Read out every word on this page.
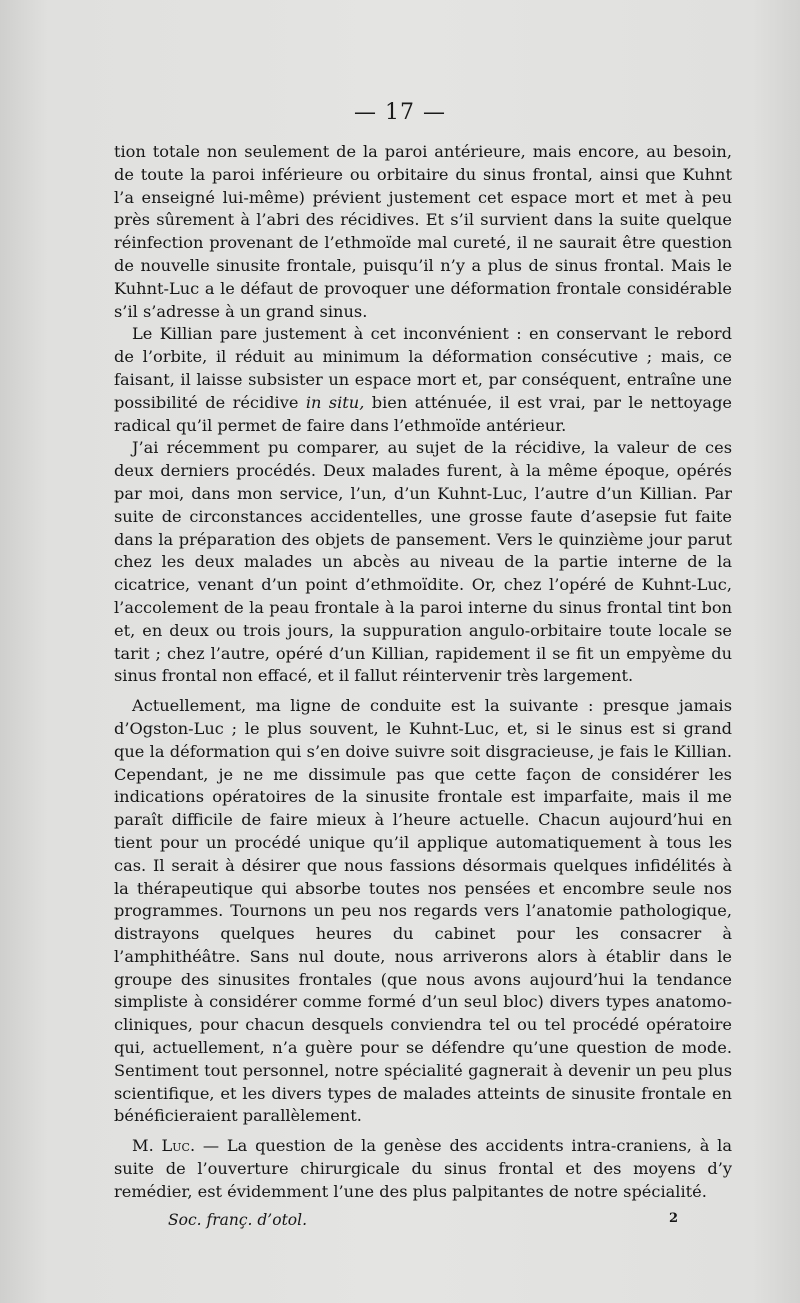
— 17 —

tion totale non seulement de la paroi antérieure, mais encore, au besoin, de toute la paroi inférieure ou orbitaire du sinus frontal, ainsi que Kuhnt l’a enseigné lui-même) prévient justement cet espace mort et met à peu près sûrement à l’abri des récidives. Et s’il survient dans la suite quelque réinfection provenant de l’ethmoïde mal cureté, il ne saurait être question de nouvelle sinusite frontale, puisqu’il n’y a plus de sinus frontal. Mais le Kuhnt-Luc a le défaut de provoquer une déformation frontale considérable s’il s’adresse à un grand sinus.

Le Killian pare justement à cet inconvénient : en conservant le rebord de l’orbite, il réduit au minimum la déformation consécutive ; mais, ce faisant, il laisse subsister un espace mort et, par conséquent, entraîne une possibilité de récidive in situ, bien atténuée, il est vrai, par le nettoyage radical qu’il permet de faire dans l’ethmoïde antérieur.

J’ai récemment pu comparer, au sujet de la récidive, la valeur de ces deux derniers procédés. Deux malades furent, à la même époque, opérés par moi, dans mon service, l’un, d’un Kuhnt-Luc, l’autre d’un Killian. Par suite de circonstances accidentelles, une grosse faute d’asepsie fut faite dans la préparation des objets de pansement. Vers le quinzième jour parut chez les deux malades un abcès au niveau de la partie interne de la cicatrice, venant d’un point d’ethmoïdite. Or, chez l’opéré de Kuhnt-Luc, l’accolement de la peau frontale à la paroi interne du sinus frontal tint bon et, en deux ou trois jours, la suppuration angulo-orbitaire toute locale se tarit ; chez l’autre, opéré d’un Killian, rapidement il se fit un empyème du sinus frontal non effacé, et il fallut réintervenir très largement.

Actuellement, ma ligne de conduite est la suivante : presque jamais d’Ogston-Luc ; le plus souvent, le Kuhnt-Luc, et, si le sinus est si grand que la déformation qui s’en doive suivre soit disgracieuse, je fais le Killian. Cependant, je ne me dissimule pas que cette façon de considérer les indications opératoires de la sinusite frontale est imparfaite, mais il me paraît difficile de faire mieux à l’heure actuelle. Chacun aujourd’hui en tient pour un procédé unique qu’il applique automatiquement à tous les cas. Il serait à désirer que nous fassions désormais quelques infidélités à la thérapeutique qui absorbe toutes nos pensées et encombre seule nos programmes. Tournons un peu nos regards vers l’anatomie pathologique, distrayons quelques heures du cabinet pour les consacrer à l’amphithéâtre. Sans nul doute, nous arriverons alors à établir dans le groupe des sinusites frontales (que nous avons aujourd’hui la tendance simpliste à considérer comme formé d’un seul bloc) divers types anatomo-cliniques, pour chacun desquels conviendra tel ou tel procédé opératoire qui, actuellement, n’a guère pour se défendre qu’une question de mode. Sentiment tout personnel, notre spécialité gagnerait à devenir un peu plus scientifique, et les divers types de malades atteints de sinusite frontale en bénéficieraient parallèlement.

M. Luc. — La question de la genèse des accidents intra-craniens, à la suite de l’ouverture chirurgicale du sinus frontal et des moyens d’y remédier, est évidemment l’une des plus palpitantes de notre spécialité.

Soc. franç. d’otol.	2
